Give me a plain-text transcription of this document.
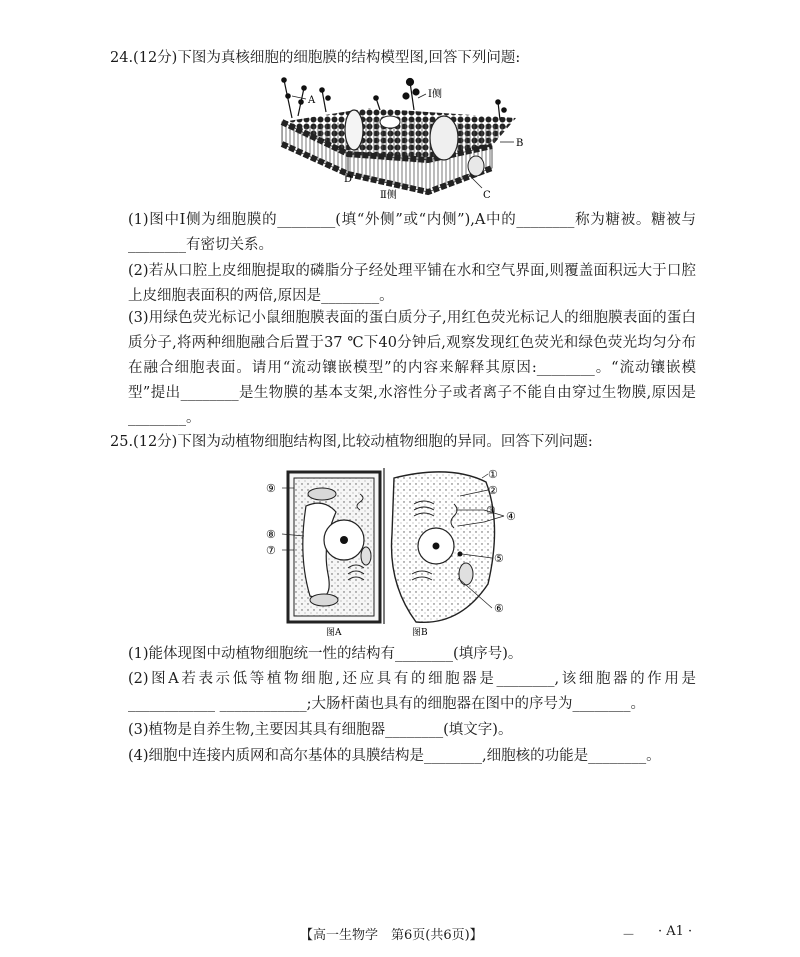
24.(12分)下图为真核细胞的细胞膜的结构模型图,回答下列问题:
A
Ⅰ侧
B
D
Ⅱ侧	C
(1)图中Ⅰ侧为细胞膜的________(填“外侧”或“内侧”),A中的________称为糖被。糖被与________有密切关系。
(2)若从口腔上皮细胞提取的磷脂分子经处理平铺在水和空气界面,则覆盖面积远大于口腔上皮细胞表面积的两倍,原因是________。
(3)用绿色荧光标记小鼠细胞膜表面的蛋白质分子,用红色荧光标记人的细胞膜表面的蛋白质分子,将两种细胞融合后置于37 ℃下40分钟后,观察发现红色荧光和绿色荧光均匀分布在融合细胞表面。请用“流动镶嵌模型”的内容来解释其原因:________。“流动镶嵌模型”提出________是生物膜的基本支架,水溶性分子或者离子不能自由穿过生物膜,原因是________。
25.(12分)下图为动植物细胞结构图,比较动植物细胞的异同。回答下列问题:
①
②
③ ④
⑤
⑥
⑨
⑧
⑦
图A	图B
(1)能体现图中动植物细胞统一性的结构有________(填序号)。
(2)图A若表示低等植物细胞,还应具有的细胞器是________,该细胞器的作用是____________ ____________;大肠杆菌也具有的细胞器在图中的序号为________。
(3)植物是自养生物,主要因其具有细胞器________(填文字)。
(4)细胞中连接内质网和高尔基体的具膜结构是________,细胞核的功能是________。
【高一生物学　第6页(共6页)】	－ · A1 ·
